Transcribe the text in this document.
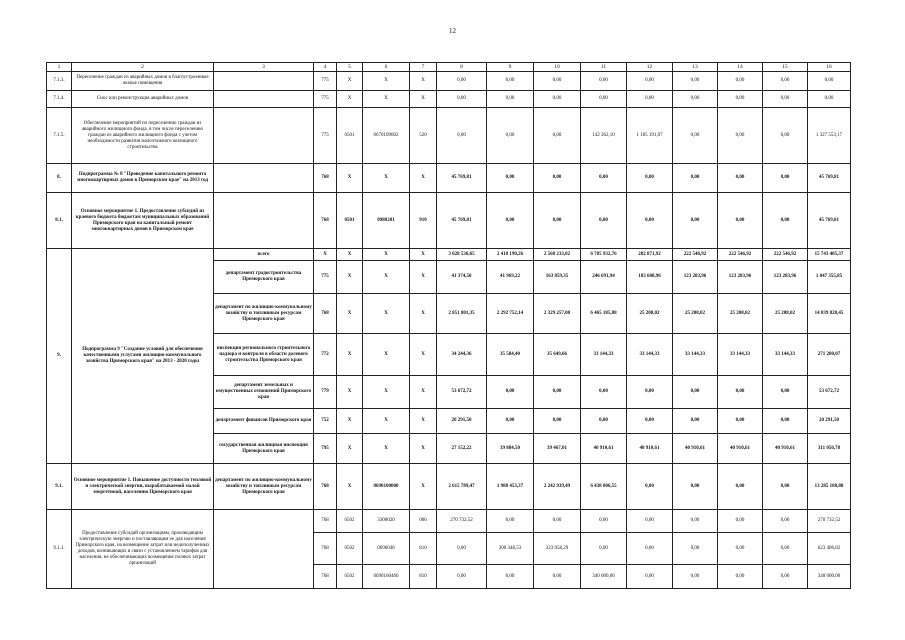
12
1	2	3	4	5	6	7	8	9	10	11	12	13	14	15	16
7.1.3.	Переселение граждан из аварийных домов в благоустроенные жилые помещения		775	X	X	X	0,00	0,00	0,00	0,00	0,00	0,00	0,00	0,00	0,00
7.1.4.	Снос или реконструкция аварийных домов		775	X	X	X	0,00	0,00	0,00	0,00	0,00	0,00	0,00	0,00	0,00
7.1.5.	Обеспечение мероприятий по переселению граждан из аварийного жилищного фонда, в том числе переселению граждан из аварийного жилищного фонда с учетом необходимости развития малоэтажного жилищного строительства		775	0501	0670109602	520	0,00	0,00	0,00	142 362,10	1 185 191,07	0,00	0,00	0,00	1 327 553,17
8.	Подпрограмма № 8 "Проведение капитального ремонта многоквартирных домов в Приморском крае" на 2013 год		768	X	X	X	45 769,81	0,00	0,00	0,00	0,00	0,00	0,00	0,00	45 769,81
8.1.	Основное мероприятие 1. Предоставление субсидий из краевого бюджета бюджетам муниципальных образований Приморского края на капитальный ремонт многоквартирных домов в Приморском крае		768	0501	0980201	910	45 769,81	0,00	0,00	0,00	0,00	0,00	0,00	0,00	45 769,81
9.	Подпрограмма 9 "Создание условий для обеспечения качественными услугами жилищно-коммунального хозяйства Приморского края" на 2013 - 2020 годы	всего	X	X	X	X	3 028 536,65	2 410 190,26	2 568 233,02	6 785 932,76	282 871,92	222 546,92	222 546,92	222 546,92	15 743 405,37
		департамент градостроительства Приморского края	775	X	X	X	41 374,50	41 969,22	163 859,35	246 691,94	183 608,96	123 283,96	123 283,96	123 283,96	1 047 355,85
		департамент по жилищно-коммунальному хозяйству и топливным ресурсам Приморского края	768	X	X	X	2 851 801,35	2 292 752,14	2 329 257,00	6 465 185,88	25 208,02	25 208,02	25 208,02	25 208,02	14 039 828,45
		инспекция регионального строительного надзора и контроля в области долевого строительства Приморского края	772	X	X	X	34 244,36	35 584,40	35 649,66	33 144,33	33 144,33	33 144,33	33 144,33	33 144,33	271 200,07
		департамент земельных и имущественных отношений Приморского края	779	X	X	X	53 672,72	0,00	0,00	0,00	0,00	0,00	0,00	0,00	53 672,72
		департамент финансов Приморского края	752	X	X	X	20 291,50	0,00	0,00	0,00	0,00	0,00	0,00	0,00	20 291,50
		государственная жилищная инспекция Приморского края	795	X	X	X	27 152,22	39 884,50	39 467,01	40 910,61	40 910,61	40 910,61	40 910,61	40 910,61	311 056,78
9.1.	Основное мероприятие 1. Повышение доступности тепловой и электрической энергии, вырабатываемой малой энергетикой, населению Приморского края	департамент по жилищно-коммунальному хозяйству и топливным ресурсам Приморского края	768	X	0690100000	X	2 615 789,47	1 988 453,37	2 242 939,49	6 438 006,55	0,00	0,00	0,00	0,00	13 285 188,88
9.1.1.	Предоставление субсидий организациям, производящим электрическую энергию и поставляющим ее для населения Приморского края, на возмещение затрат или недополученных доходов, возникающих в связи с установлением тарифов для населения, не обеспечивающих возмещение полных затрат организаций		768	0502	3300020	006	270 732,52	0,00	0,00	0,00	0,00	0,00	0,00	0,00	270 732,52
			768	0502	0696046	810	0,00	300 348,53	323 058,29	0,00	0,00	0,00	0,00	0,00	623 406,82
			768	0502	0690160460	810	0,00	0,00	0,00	340 000,00	0,00	0,00	0,00	0,00	340 000,00
